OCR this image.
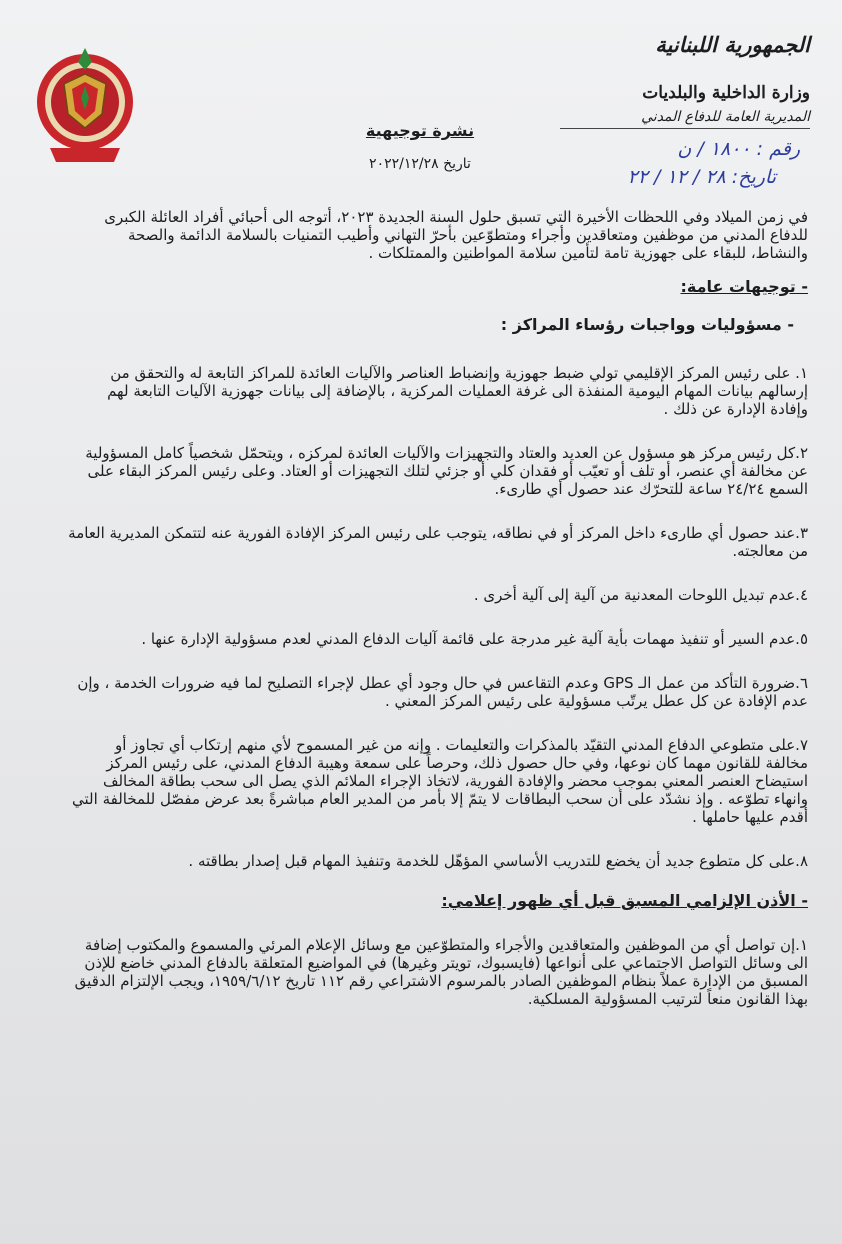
الدفاع المدني
الجمهورية اللبنانية
وزارة الداخلية والبلديات
المديرية العامة للدفاع المدني
رقم : ١٨٠٠ / ن
تاريخ: ٢٨ / ١٢ / ٢٢
نشرة توجيهية
تاريخ ٢٠٢٢/١٢/٢٨

في زمن الميلاد وفي اللحظات الأخيرة التي تسبق حلول السنة الجديدة ٢٠٢٣، أتوجه الى أحبائي أفراد العائلة الكبرى للدفاع المدني من موظفين ومتعاقدين وأجراء ومتطوّعين بأحرّ التهاني وأطيب التمنيات بالسلامة الدائمة والصحة والنشاط، للبقاء على جهوزية تامة لتأمين سلامة المواطنين والممتلكات .

- توجيهات عامة:
- مسؤوليات وواجبات رؤساء المراكز :

١. على رئيس المركز الإقليمي تولي ضبط جهوزية وإنضباط العناصر والآليات العائدة للمراكز التابعة له والتحقق من إرسالهم بيانات المهام اليومية المنفذة الى غرفة العمليات المركزية ، بالإضافة إلى بيانات جهوزية الآليات التابعة لهم وإفادة الإدارة عن ذلك .

٢.كل رئيس مركز هو مسؤول عن العديد والعتاد والتجهيزات والآليات العائدة لمركزه ، ويتحمّل شخصياً كامل المسؤولية عن مخالفة أي عنصر، أو تلف أو تعيّب أو فقدان كلي أو جزئي لتلك التجهيزات أو العتاد. وعلى رئيس المركز البقاء على السمع ٢٤/٢٤ ساعة للتحرّك عند حصول أي طارىء.

٣.عند حصول أي طارىء داخل المركز أو في نطاقه، يتوجب على رئيس المركز الإفادة الفورية عنه لتتمكن المديرية العامة من معالجته.

٤.عدم تبديل اللوحات المعدنية من آلية إلى آلية أخرى .

٥.عدم السير أو تنفيذ مهمات بأية آلية غير مدرجة على قائمة آليات الدفاع المدني لعدم مسؤولية الإدارة عنها .

٦.ضرورة التأكد من عمل الـ GPS وعدم التقاعس في حال وجود أي عطل لإجراء التصليح لما فيه ضرورات الخدمة ، وإن عدم الإفادة عن كل عطل يرتّب مسؤولية على رئيس المركز المعني .

٧.على متطوعي الدفاع المدني التقيّد بالمذكرات والتعليمات . وإنه من غير المسموح لأي منهم إرتكاب أي تجاوز أو مخالفة للقانون مهما كان نوعها، وفي حال حصول ذلك، وحرصاً على سمعة وهيبة الدفاع المدني، على رئيس المركز استيضاح العنصر المعني بموجب محضر والإفادة الفورية، لاتخاذ الإجراء الملائم الذي يصل الى سحب بطاقة المخالف وانهاء تطوّعه . وإذ نشدّد على أن سحب البطاقات لا يتمّ إلا بأمر من المدير العام مباشرةً بعد عرض مفصّل للمخالفة التي أقدم عليها حاملها .

٨.على كل متطوع جديد أن يخضع للتدريب الأساسي المؤهّل للخدمة وتنفيذ المهام قبل إصدار بطاقته .

- الأذن الإلزامي المسبق قبل أي ظهور إعلامي:

١.إن تواصل أي من الموظفين والمتعاقدين والأجراء والمتطوّعين مع وسائل الإعلام المرئي والمسموع والمكتوب إضافة الى وسائل التواصل الاجتماعي على أنواعها (فايسبوك، تويتر وغيرها) في المواضيع المتعلقة بالدفاع المدني خاضع للإذن المسبق من الإدارة عملاً بنظام الموظفين الصادر بالمرسوم الاشتراعي رقم ١١٢ تاريخ ١٩٥٩/٦/١٢، ويجب الإلتزام الدقيق بهذا القانون منعاً لترتيب المسؤولية المسلكية.
